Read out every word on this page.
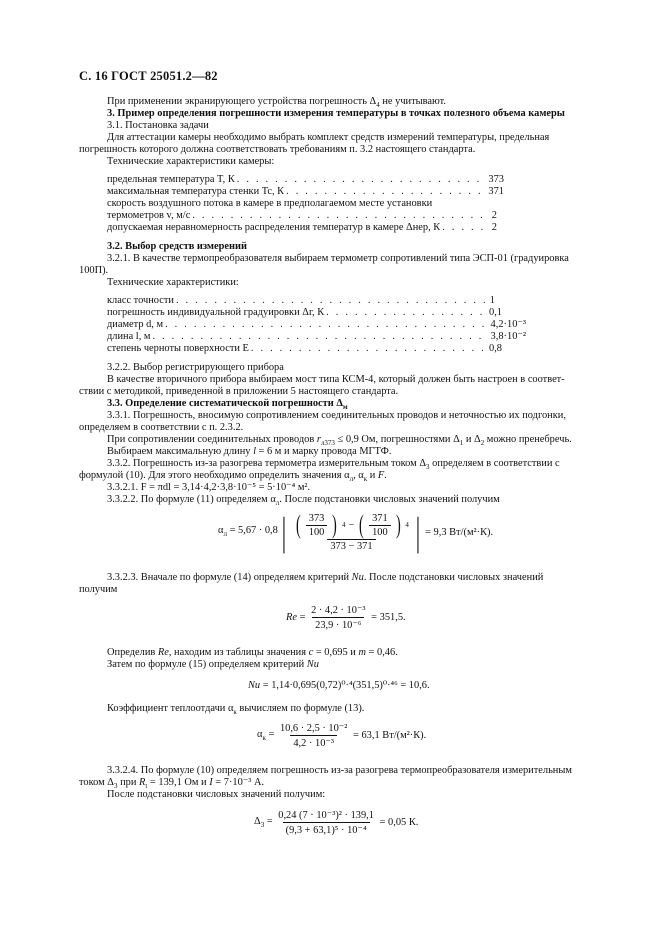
С. 16 ГОСТ 25051.2—82
При применении экранирующего устройства погрешность $\Delta_4$ не учитывают.
3. Пример определения погрешности измерения температуры в точках полезного объема камеры
3.1. Постановка задачи
Для аттестации камеры необходимо выбрать комплект средств измерений температуры, предельная
погрешность которого должна соответствовать требованиям п. 3.2 настоящего стандарта.
Технические характеристики камеры:
предельная температура T, К . . .	373
максимальная температура стенки Tc, К . . .	371
скорость воздушного потока в камере в предполагаемом месте установки
термометров v, м/с . . .	2
допускаемая неравномерность распределения температур в камере Δнер, К . . .	2
3.2. Выбор средств измерений
3.2.1. В качестве термопреобразователя выбираем термометр сопротивлений типа ЭСП-01 (градуировка
100П).
Технические характеристики:
класс точности . . .	1
погрешность индивидуальной градуировки Δг, К . . .	0,1
диаметр d, м . . .	4,2·10⁻³
длина l, м . . .	3,8·10⁻²
степень черноты поверхности E . . .	0,8
3.2.2. Выбор регистрирующего прибора
В качестве вторичного прибора выбираем мост типа КСМ-4, который должен быть настроен в соответ-
ствии с методикой, приведенной в приложении 5 настоящего стандарта.
3.3. Определение систематической погрешности $\Delta_м$
3.3.1. Погрешность, вносимую сопротивлением соединительных проводов и неточностью их подгонки,
определяем в соответствии с п. 2.3.2.
При сопротивлении соединительных проводов $r_{л373} \le 0,9$ Ом, погрешностями $\Delta_1$ и $\Delta_2$ можно пренебречь.
Выбираем максимальную длину l = 6 м и марку провода МГТФ.
3.3.2. Погрешность из-за разогрева термометра измерительным током $\Delta_3$ определяем в соответствии с
формулой (10). Для этого необходимо определить значения $\alpha_л$, $\alpha_к$ и F.
3.3.2.1. F = πdl = 3,14·4,2·3,8·10⁻⁵ = 5·10⁻⁴ м².
3.3.2.2. По формуле (11) определяем $\alpha_л$. После подстановки числовых значений получим
$\alpha_л = 5,67 \cdot 0,8$ | ( $\frac{373}{100}$ ) 4 − ( $\frac{371}{100}$ ) 4
373 − 371 | = 9,3 Вт/(м²·К).
3.3.2.3. Вначале по формуле (14) определяем критерий Nu. После подстановки числовых значений
получим
$Re = \frac{\text{2 · 4,2 · 10⁻³}}{\text{23,9 · 10⁻⁶}} = 351,5$.
Определив Re, находим из таблицы значения c = 0,695 и m = 0,46.
Затем по формуле (15) определяем критерий Nu
Nu = 1,14·0,695(0,72)⁰·⁴(351,5)⁰·⁴⁶ = 10,6.
Коэффициент теплоотдачи $\alpha_к$ вычисляем по формуле (13).
$\alpha_к = \frac{\text{10,6 · 2,5 · 10⁻²}}{\text{4,2 · 10⁻³}} = 63,1$ Вт/(м²·К).
3.3.2.4. По формуле (10) определяем погрешность из-за разогрева термопреобразователя измерительным
током $\Delta_3$ при $R_t = 139,1$ Ом и I = 7·10⁻³ А.
После подстановки числовых значений получим:
$\Delta_3 = \frac{\text{0,24 (7 · 10⁻³)² · 139,1}}{\text{(9,3 + 63,1)⁵ · 10⁻⁴}} = 0,05$ К.
